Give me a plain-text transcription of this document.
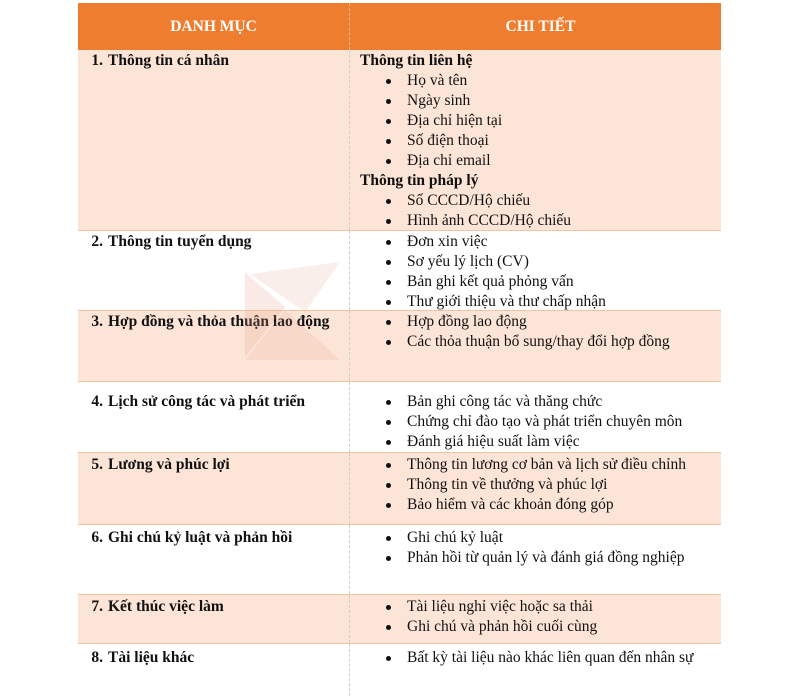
DANH MỤC	CHI TIẾT
1. Thông tin cá nhân	Thông tin liên hệ
Họ và tên
Ngày sinh
Địa chỉ hiện tại
Số điện thoại
Địa chỉ email
Thông tin pháp lý
Số CCCD/Hộ chiếu
Hình ảnh CCCD/Hộ chiếu
2. Thông tin tuyển dụng	Đơn xin việc
Sơ yếu lý lịch (CV)
Bản ghi kết quả phỏng vấn
Thư giới thiệu và thư chấp nhận
3. Hợp đồng và thỏa thuận lao động	Hợp đồng lao động
Các thỏa thuận bổ sung/thay đổi hợp đồng
4. Lịch sử công tác và phát triển	Bản ghi công tác và thăng chức
Chứng chỉ đào tạo và phát triển chuyên môn
Đánh giá hiệu suất làm việc
5. Lương và phúc lợi	Thông tin lương cơ bản và lịch sử điều chỉnh
Thông tin về thưởng và phúc lợi
Bảo hiểm và các khoản đóng góp
6. Ghi chú kỷ luật và phản hồi	Ghi chú kỷ luật
Phản hồi từ quản lý và đánh giá đồng nghiệp
7. Kết thúc việc làm	Tài liệu nghỉ việc hoặc sa thải
Ghi chú và phản hồi cuối cùng
8. Tài liệu khác	Bất kỳ tài liệu nào khác liên quan đến nhân sự
